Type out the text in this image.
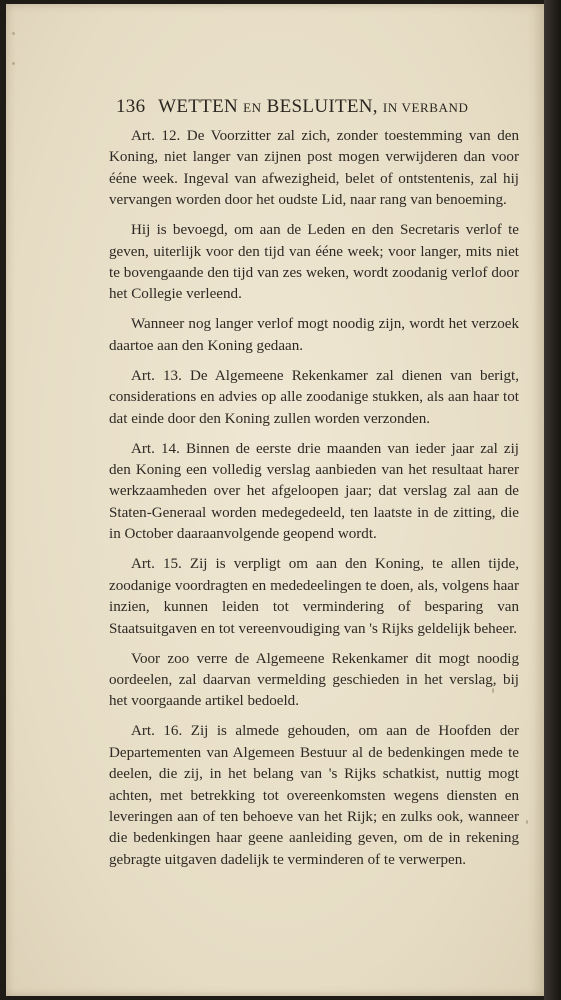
136 WETTEN EN BESLUITEN, IN VERBAND

Art. 12. De Voorzitter zal zich, zonder toestemming van den Koning, niet langer van zijnen post mogen verwijderen dan voor ééne week. Ingeval van afwezigheid, belet of ontstentenis, zal hij vervangen worden door het oudste Lid, naar rang van benoeming.

Hij is bevoegd, om aan de Leden en den Secretaris verlof te geven, uiterlijk voor den tijd van ééne week; voor langer, mits niet te bovengaande den tijd van zes weken, wordt zoodanig verlof door het Collegie verleend.

Wanneer nog langer verlof mogt noodig zijn, wordt het verzoek daartoe aan den Koning gedaan.

Art. 13. De Algemeene Rekenkamer zal dienen van berigt, considerations en advies op alle zoodanige stukken, als aan haar tot dat einde door den Koning zullen worden verzonden.

Art. 14. Binnen de eerste drie maanden van ieder jaar zal zij den Koning een volledig verslag aanbieden van het resultaat harer werkzaamheden over het afgeloopen jaar; dat verslag zal aan de Staten-Generaal worden medegedeeld, ten laatste in de zitting, die in October daaraanvolgende geopend wordt.

Art. 15. Zij is verpligt om aan den Koning, te allen tijde, zoodanige voordragten en mededeelingen te doen, als, volgens haar inzien, kunnen leiden tot vermindering of besparing van Staatsuitgaven en tot vereenvoudiging van 's Rijks geldelijk beheer.

Voor zoo verre de Algemeene Rekenkamer dit mogt noodig oordeelen, zal daarvan vermelding geschieden in het verslag, bij het voorgaande artikel bedoeld.

Art. 16. Zij is almede gehouden, om aan de Hoofden der Departementen van Algemeen Bestuur al de bedenkingen mede te deelen, die zij, in het belang van 's Rijks schatkist, nuttig mogt achten, met betrekking tot overeenkomsten wegens diensten en leveringen aan of ten behoeve van het Rijk; en zulks ook, wanneer die bedenkingen haar geene aanleiding geven, om de in rekening gebragte uitgaven dadelijk te verminderen of te verwerpen.
